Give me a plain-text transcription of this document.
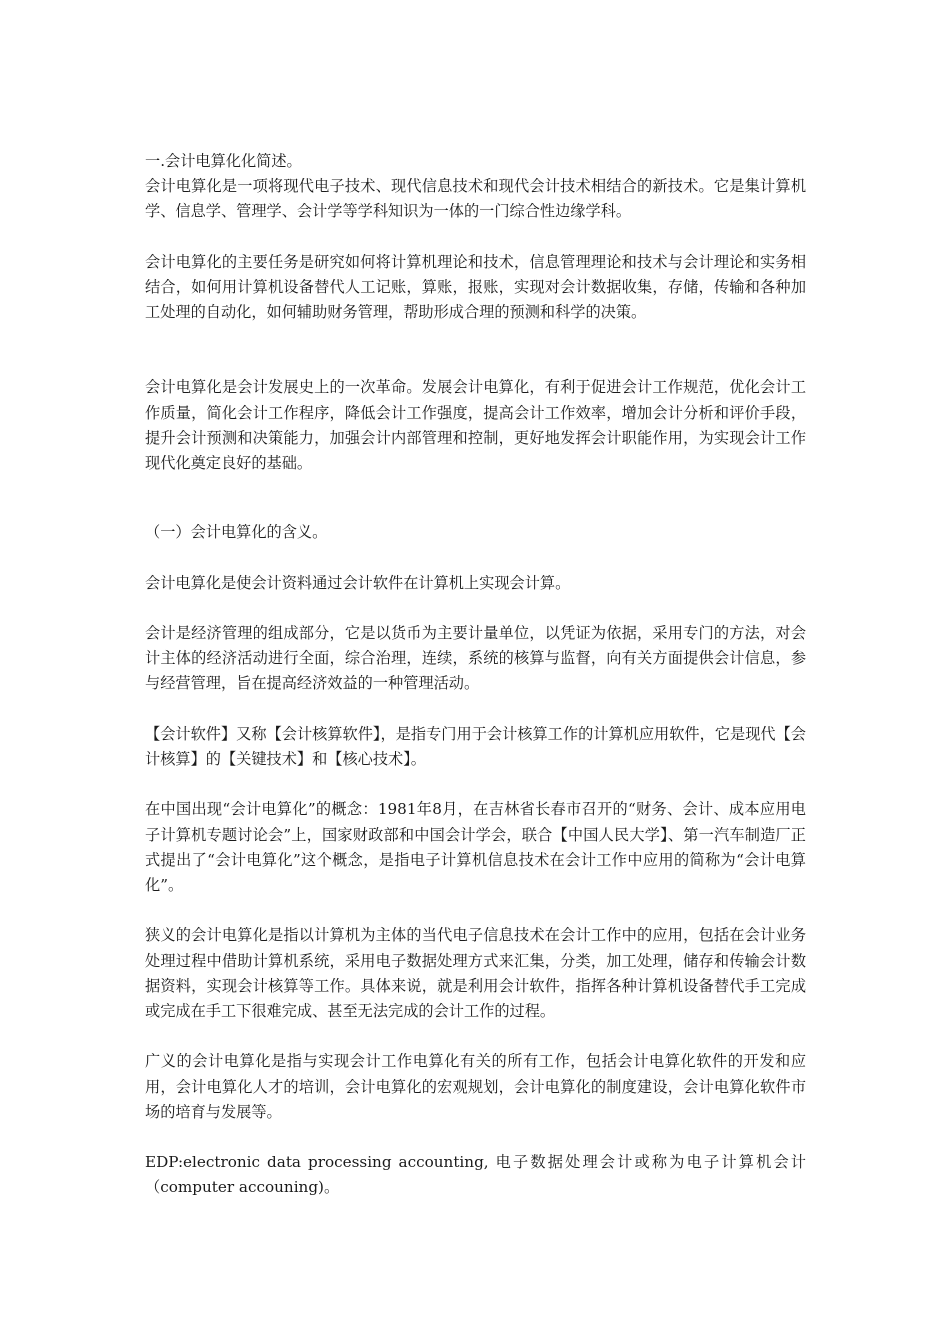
一.会计电算化化简述。

会计电算化是一项将现代电子技术、现代信息技术和现代会计技术相结合的新技术。它是集计算机学、信息学、管理学、会计学等学科知识为一体的一门综合性边缘学科。

会计电算化的主要任务是研究如何将计算机理论和技术，信息管理理论和技术与会计理论和实务相结合，如何用计算机设备替代人工记账，算账，报账，实现对会计数据收集，存储，传输和各种加工处理的自动化，如何辅助财务管理，帮助形成合理的预测和科学的决策。

会计电算化是会计发展史上的一次革命。发展会计电算化，有利于促进会计工作规范，优化会计工作质量，简化会计工作程序，降低会计工作强度，提高会计工作效率，增加会计分析和评价手段，提升会计预测和决策能力，加强会计内部管理和控制，更好地发挥会计职能作用，为实现会计工作现代化奠定良好的基础。

（一）会计电算化的含义。

会计电算化是使会计资料通过会计软件在计算机上实现会计算。

会计是经济管理的组成部分，它是以货币为主要计量单位，以凭证为依据，采用专门的方法，对会计主体的经济活动进行全面，综合治理，连续，系统的核算与监督，向有关方面提供会计信息，参与经营管理，旨在提高经济效益的一种管理活动。

【会计软件】又称【会计核算软件】，是指专门用于会计核算工作的计算机应用软件，它是现代【会计核算】的【关键技术】和【核心技术】。

在中国出现“会计电算化”的概念：1981年8月，在吉林省长春市召开的“财务、会计、成本应用电子计算机专题讨论会”上，国家财政部和中国会计学会，联合【中国人民大学】、第一汽车制造厂正式提出了“会计电算化”这个概念，是指电子计算机信息技术在会计工作中应用的简称为“会计电算化”。

狭义的会计电算化是指以计算机为主体的当代电子信息技术在会计工作中的应用，包括在会计业务处理过程中借助计算机系统，采用电子数据处理方式来汇集，分类，加工处理，储存和传输会计数据资料，实现会计核算等工作。具体来说，就是利用会计软件，指挥各种计算机设备替代手工完成或完成在手工下很难完成、甚至无法完成的会计工作的过程。

广义的会计电算化是指与实现会计工作电算化有关的所有工作，包括会计电算化软件的开发和应用，会计电算化人才的培训，会计电算化的宏观规划，会计电算化的制度建设，会计电算化软件市场的培育与发展等。

EDP:electronic data processing accounting, 电子数据处理会计或称为电子计算机会计（computer accouning)。
